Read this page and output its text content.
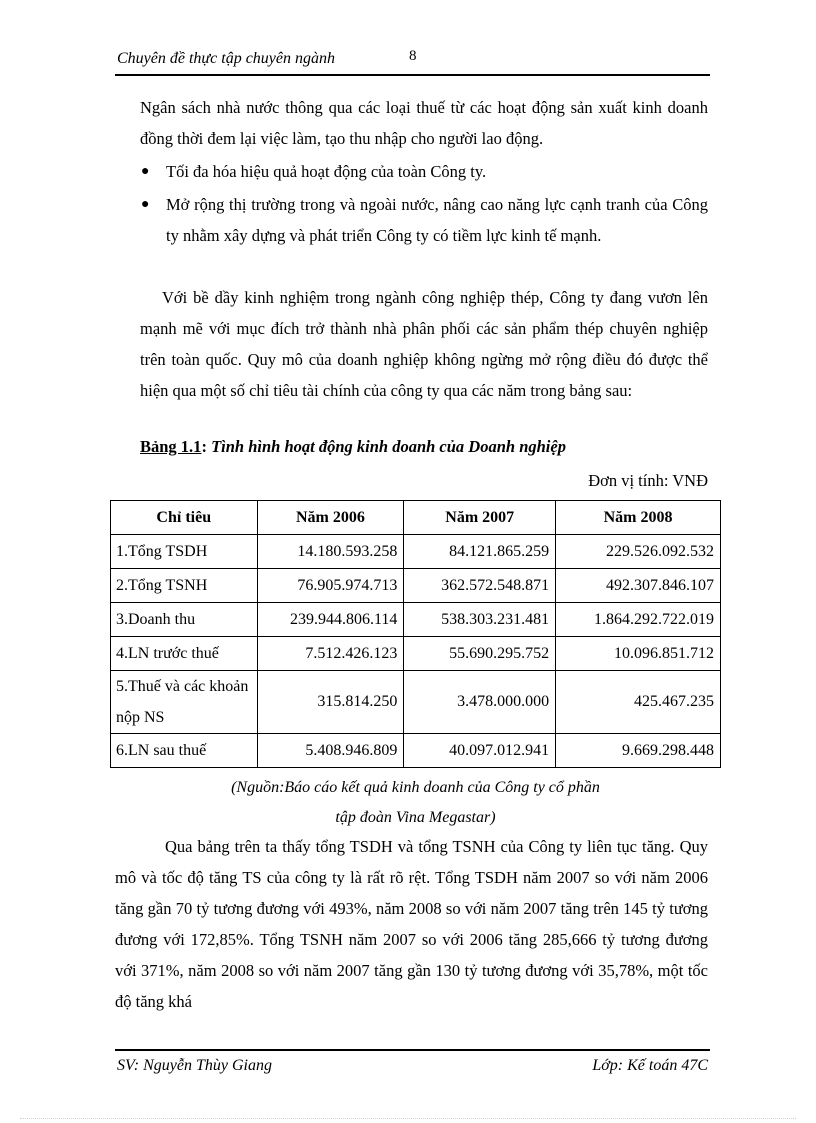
Chuyên đề thực tập chuyên ngành	8
Ngân sách nhà nước thông qua các loại thuế từ các hoạt động sản xuất kinh doanh đồng thời đem lại việc làm, tạo thu nhập cho người lao động.
● Tối đa hóa hiệu quả hoạt động của toàn Công ty.
● Mở rộng thị trường trong và ngoài nước, nâng cao năng lực cạnh tranh của Công ty nhằm xây dựng và phát triển Công ty có tiềm lực kinh tế mạnh.
Với bề dầy kinh nghiệm trong ngành công nghiệp thép, Công ty đang vươn lên mạnh mẽ với mục đích trở thành nhà phân phối các sản phẩm thép chuyên nghiệp trên toàn quốc. Quy mô của doanh nghiệp không ngừng mở rộng điều đó được thể hiện qua một số chỉ tiêu tài chính của công ty qua các năm trong bảng sau:
Bảng 1.1: Tình hình hoạt động kinh doanh của Doanh nghiệp
Đơn vị tính: VNĐ
Chỉ tiêu	Năm 2006	Năm 2007	Năm 2008
1.Tổng TSDH	14.180.593.258	84.121.865.259	229.526.092.532
2.Tổng TSNH	76.905.974.713	362.572.548.871	492.307.846.107
3.Doanh thu	239.944.806.114	538.303.231.481	1.864.292.722.019
4.LN trước thuế	7.512.426.123	55.690.295.752	10.096.851.712
5.Thuế và các khoản nộp NS	315.814.250	3.478.000.000	425.467.235
6.LN sau thuế	5.408.946.809	40.097.012.941	9.669.298.448
(Nguồn:Báo cáo kết quả kinh doanh của Công ty cổ phần
tập đoàn Vina Megastar)
Qua bảng trên ta thấy tổng TSDH và tổng TSNH của Công ty liên tục tăng. Quy mô và tốc độ tăng TS của công ty là rất rõ rệt. Tổng TSDH năm 2007 so với năm 2006 tăng gần 70 tỷ tương đương với 493%, năm 2008 so với năm 2007 tăng trên 145 tỷ tương đương với 172,85%. Tổng TSNH năm 2007 so với 2006 tăng 285,666 tỷ tương đương với 371%, năm 2008 so với năm 2007 tăng gần 130 tỷ tương đương với 35,78%, một tốc độ tăng khá
SV: Nguyễn Thùy Giang	Lớp: Kế toán 47C
